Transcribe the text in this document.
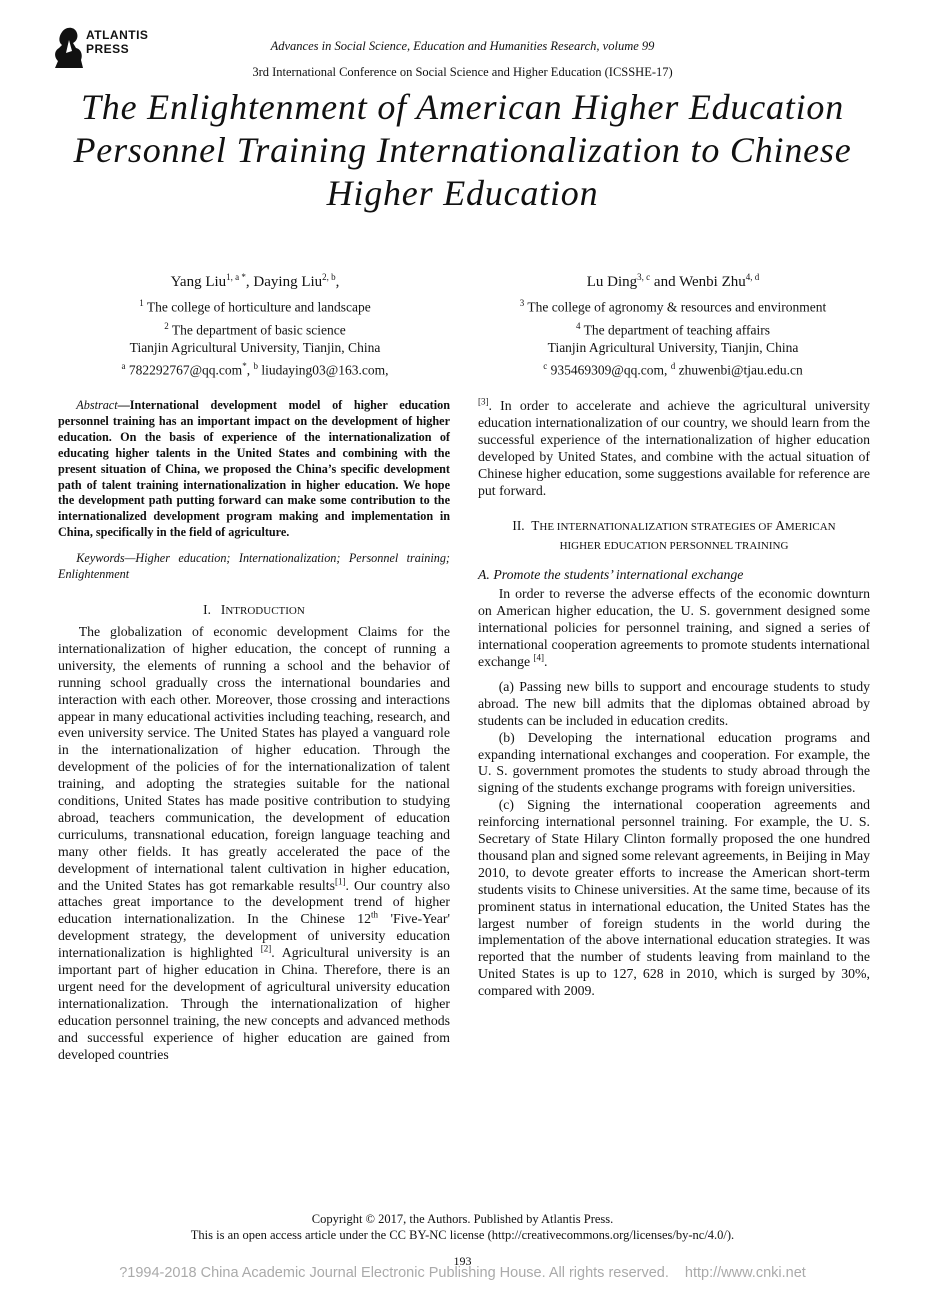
ATLANTIS
PRESS	Advances in Social Science, Education and Humanities Research, volume 99
3rd International Conference on Social Science and Higher Education (ICSSHE-17)
The Enlightenment of American Higher Education
Personnel Training Internationalization to Chinese
Higher Education
Yang Liu$^{1, a *}$, Daying Liu$^{2, b}$,
$^1$ The college of horticulture and landscape
$^2$ The department of basic science
Tianjin Agricultural University, Tianjin, China
$^a$ 782292767@qq.com*, $^b$ liudaying03@163.com,
Lu Ding$^{3, c}$ and Wenbi Zhu$^{4, d}$
$^3$ The college of agronomy & resources and environment
$^4$ The department of teaching affairs
Tianjin Agricultural University, Tianjin, China
$^c$ 935469309@qq.com, $^d$ zhuwenbi@tjau.edu.cn

Abstract—International development model of higher education personnel training has an important impact on the development of higher education. On the basis of experience of the internationalization of educating higher talents in the United States and combining with the present situation of China, we proposed the China’s specific development path of talent training internationalization in higher education. We hope the development path putting forward can make some contribution to the internationalized development program making and implementation in China, specifically in the field of agriculture.

Keywords—Higher education; Internationalization; Personnel training; Enlightenment

I. INTRODUCTION

The globalization of economic development Claims for the internationalization of higher education, the concept of running a university, the elements of running a school and the behavior of running school gradually cross the international boundaries and interaction with each other. Moreover, those crossing and interactions appear in many educational activities including teaching, research, and even university service. The United States has played a vanguard role in the internationalization of higher education. Through the development of the policies of for the internationalization of talent training, and adopting the strategies suitable for the national conditions, United States has made positive contribution to studying abroad, teachers communication, the development of education curriculums, transnational education, foreign language teaching and many other fields. It has greatly accelerated the pace of the development of international talent cultivation in higher education, and the United States has got remarkable results[1]. Our country also attaches great importance to the development trend of higher education internationalization. In the Chinese 12th 'Five-Year' development strategy, the development of university education internationalization is highlighted [2]. Agricultural university is an important part of higher education in China. Therefore, there is an urgent need for the development of agricultural university education internationalization. Through the internationalization of higher education personnel training, the new concepts and advanced methods and successful experience of higher education are gained from developed countries

[3]. In order to accelerate and achieve the agricultural university education internationalization of our country, we should learn from the successful experience of the internationalization of higher education developed by United States, and combine with the actual situation of Chinese higher education, some suggestions available for reference are put forward.

II. THE INTERNATIONALIZATION STRATEGIES OF AMERICAN
HIGHER EDUCATION PERSONNEL TRAINING

A. Promote the students’ international exchange

In order to reverse the adverse effects of the economic downturn on American higher education, the U. S. government designed some international policies for personnel training, and signed a series of international cooperation agreements to promote students international exchange [4].

(a) Passing new bills to support and encourage students to study abroad. The new bill admits that the diplomas obtained abroad by students can be included in education credits.

(b) Developing the international education programs and expanding international exchanges and cooperation. For example, the U. S. government promotes the students to study abroad through the signing of the students exchange programs with foreign universities.

(c) Signing the international cooperation agreements and reinforcing international personnel training. For example, the U. S. Secretary of State Hilary Clinton formally proposed the one hundred thousand plan and signed some relevant agreements, in Beijing in May 2010, to devote greater efforts to increase the American short-term students visits to Chinese universities. At the same time, because of its prominent status in international education, the United States has the largest number of foreign students in the world during the implementation of the above international education strategies. It was reported that the number of students leaving from mainland to the United States is up to 127, 628 in 2010, which is surged by 30%, compared with 2009.

Copyright © 2017, the Authors. Published by Atlantis Press.
This is an open access article under the CC BY-NC license (http://creativecommons.org/licenses/by-nc/4.0/).
193
?1994-2018 China Academic Journal Electronic Publishing House. All rights reserved. http://www.cnki.net
